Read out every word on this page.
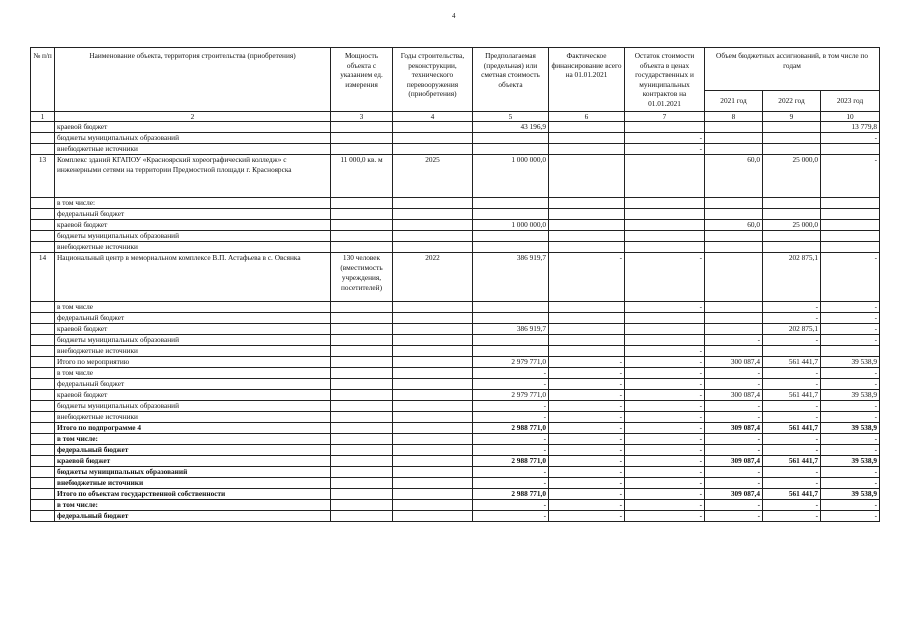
4
№ п/п	Наименование объекта, территория строительства (приобретения)	Мощность объекта с указанием ед. измерения	Годы строительства, реконструкции, технического перевооружения (приобретения)	Предполагаемая (предельная) или сметная стоимость объекта	Фактическое финансирование всего на 01.01.2021	Остаток стоимости объекта в ценах государственных и муниципальных контрактов на 01.01.2021	Объем бюджетных ассигнований, в том числе по годам		
							2021 год	2022 год	2023 год
1	2	3	4	5	6	7	8	9	10
	краевой бюджет			43 196,9					13 779,8
	бюджеты муниципальных образований					-			-
	внебюджетные источники					-			
13	Комплекс зданий КГАПОУ «Красноярский хореографический колледж» с инженерными сетями на территории Предмостной площади г. Красноярска	11 000,0 кв. м	2025	1 000 000,0			60,0	25 000,0	-
	в том числе:								
	федеральный бюджет								
	краевой бюджет			1 000 000,0			60,0	25 000,0	
	бюджеты муниципальных образований								
	внебюджетные источники								
14	Национальный центр в мемориальном комплексе В.П. Астафьева в с. Овсянка	130 человек (вместимость учреждения, посетителей)	2022	386 919,7	-	-		202 875,1	-
	в том числе					-		-	-
	федеральный бюджет							-	-
	краевой бюджет			386 919,7				202 875,1	-
	бюджеты муниципальных образований						-	-	-
	внебюджетные источники					-			
	Итого по мероприятию			2 979 771,0	-	-	300 087,4	561 441,7	39 538,9
	в том числе			-	-	-	-	-	-
	федеральный бюджет			-	-	-	-	-	-
	краевой бюджет			2 979 771,0	-	-	300 087,4	561 441,7	39 538,9
	бюджеты муниципальных образований			-	-	-	-	-	-
	внебюджетные источники			-	-	-	-	-	-
	Итого по подпрограмме 4			2 988 771,0	-	-	309 087,4	561 441,7	39 538,9
	в том числе:			-	-	-	-	-	-
	федеральный бюджет			-	-	-	-	-	-
	краевой бюджет			2 988 771,0	-	-	309 087,4	561 441,7	39 538,9
	бюджеты муниципальных образований			-	-	-	-	-	-
	внебюджетные источники			-	-	-	-	-	-
	Итого по объектам государственной собственности			2 988 771,0	-	-	309 087,4	561 441,7	39 538,9
	в том числе:			-	-	-	-	-	-
	федеральный бюджет			-	-	-	-	-	-
